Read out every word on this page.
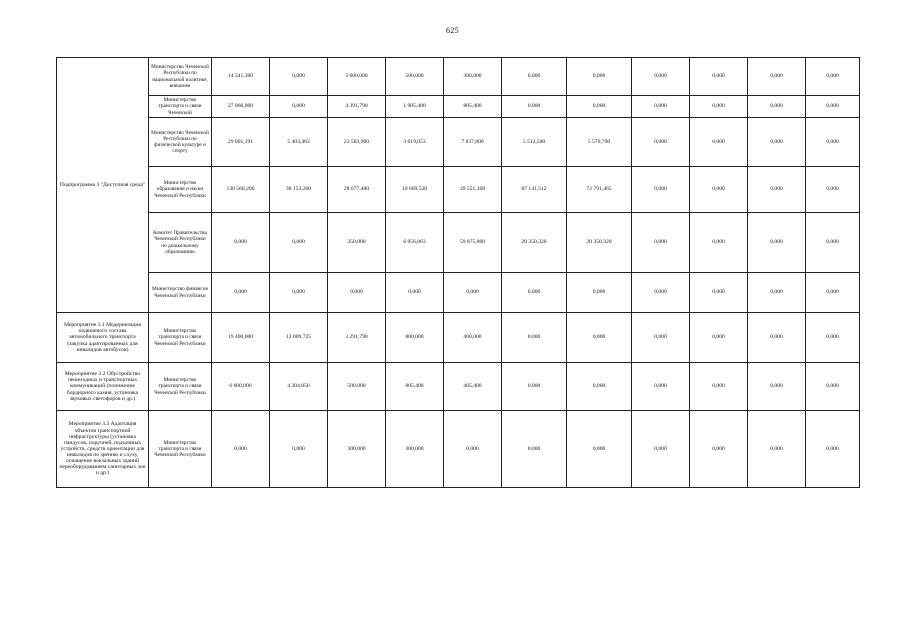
625
Подпрограмма 3 "Доступная среда"	Министерство Чеченской Республики по национальной политике, внешним	14 541,300	0,000	3 600,000	500,000	300,000	0,000	0,000	0,000	0,000	0,000	0,000
	Министерство транспорта и связи Чеченской	27 060,000	0,000	4 391,790	1 905,400	805,400	0,000	0,000	0,000	0,000	0,000	0,000
	Министерство Чеченской Республики по физической культуре и спорту	29 001,191	5 403,463	23 583,900	3 619,053	7 837,800	5 512,500	5 570,700	0,000	0,000	0,000	0,000
	Министерство образования и науки Чеченской Республики	130 560,200	38 153,260	28 077,400	19 669,520	39 551,168	87 141,512	72 791,465	0,000	0,000	0,000	0,000
	Комитет Правительства Чеченской Республики по дошкольному образованию	0,000	0,000	350,000	6 056,063	59 875,800	20 350,320	20 350,320	0,000	0,000	0,000	0,000
	Министерство финансов Чеченской Республики	0,000	0,000	0,000	0,000	0,000	0,000	0,000	0,000	0,000	0,000	0,000
Мероприятие 3.1 Модернизация подвижного состава автомобильного транспорта (закупка адаптированных для инвалидов автобусов)	Министерство транспорта и связи Чеченской Республики	19 400,000	12 009,725	3 291,790	800,000	400,000	0,000	0,000	0,000	0,000	0,000	0,000
Мероприятие 3.2 Обустройство пешеходных и транспортных коммуникаций (понижение бордюрного камня, установка звуковых светофоров и др.)	Министерство транспорта и связи Чеченской Республики	6 600,000	4 304,850	500,000	805,400	405,400	0,000	0,000	0,000	0,000	0,000	0,000
Мероприятие 3.3 Адаптация объектов транспортной инфраструктуры (установка пандусов, поручней, подъемных устройств, средств ориентации для инвалидов по зрению и слуху, оснащение вокзальных зданий переоборудованием санитарных зон и др.)	Министерство транспорта и связи Чеченской Республики	0,000	0,000	300,000	300,000	0,000	0,000	0,000	0,000	0,000	0,000	0,000
